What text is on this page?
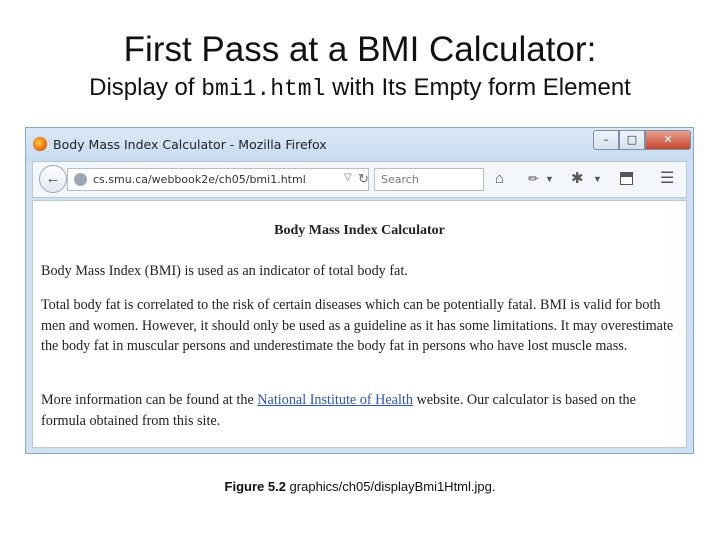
First Pass at a BMI Calculator:
Display of bmi1.html with Its Empty form Element
Body Mass Index Calculator - Mozilla Firefox	–	□	✕
←	cs.smu.ca/webbook2e/ch05/bmi1.html	▽ ↻ Search	⌂ ✏ ▼ ✱ ▼	☰
Body Mass Index Calculator

Body Mass Index (BMI) is used as an indicator of total body fat.

Total body fat is correlated to the risk of certain diseases which can be potentially fatal. BMI is valid for both men and women. However, it should only be used as a guideline as it has some limitations. It may overestimate the body fat in muscular persons and underestimate the body fat in persons who have lost muscle mass.

More information can be found at the National Institute of Health website. Our calculator is based on the formula obtained from this site.

Figure 5.2 graphics/ch05/displayBmi1Html.jpg.
